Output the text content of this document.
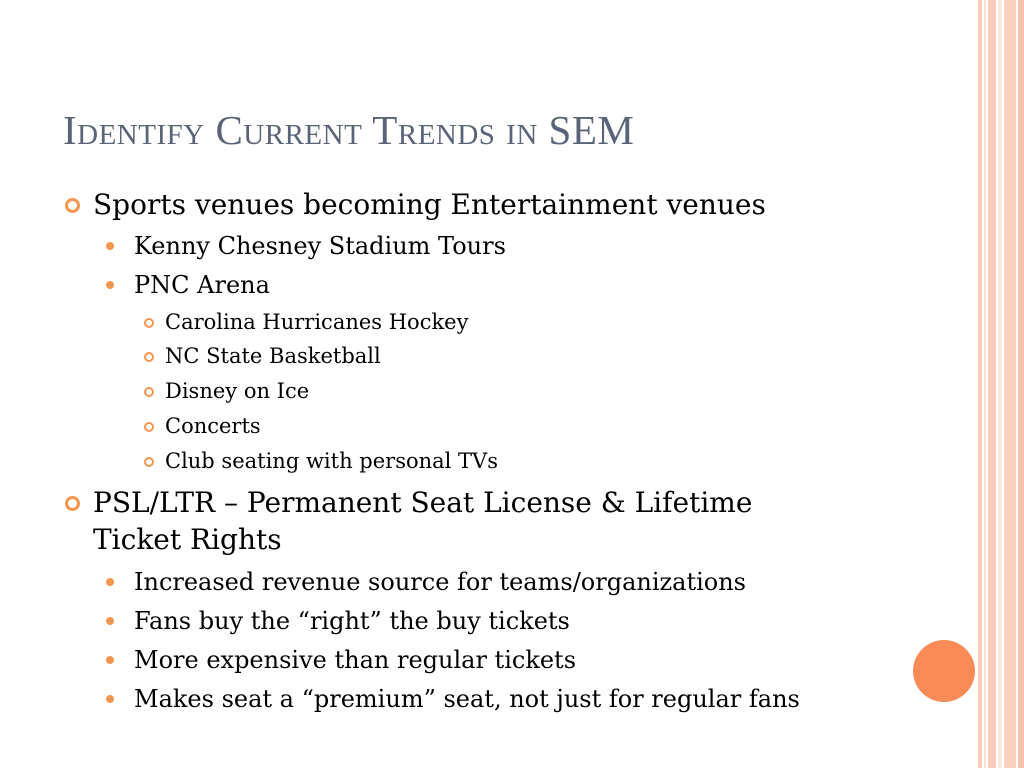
Identify Current Trends in SEM
Sports venues becoming Entertainment venues
Kenny Chesney Stadium Tours
PNC Arena
Carolina Hurricanes Hockey
NC State Basketball
Disney on Ice
Concerts
Club seating with personal TVs
PSL/LTR – Permanent Seat License & Lifetime
Ticket Rights
Increased revenue source for teams/organizations
Fans buy the “right” the buy tickets
More expensive than regular tickets
Makes seat a “premium” seat, not just for regular fans
